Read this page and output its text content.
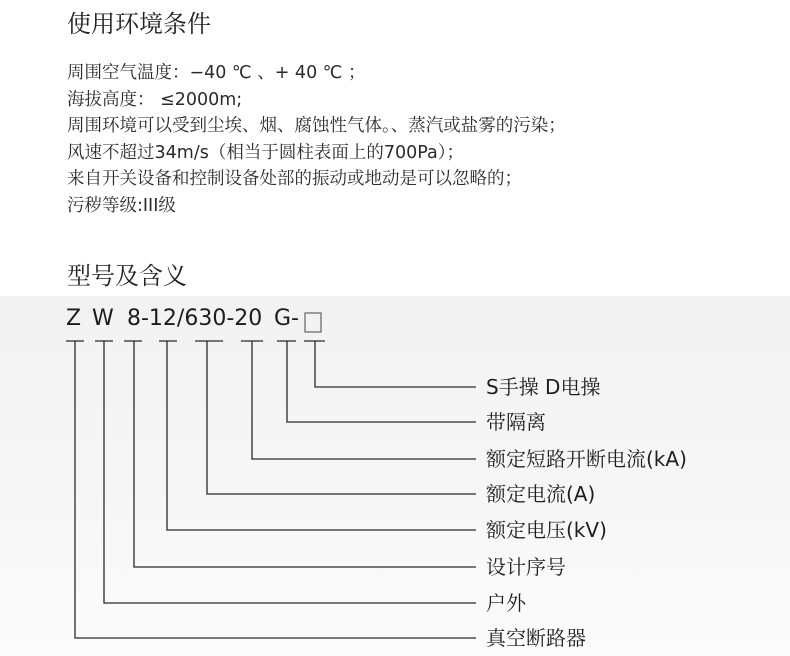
使用环境条件
周围空气温度：−40 ℃ 、+ 40 ℃ ；
海拔高度： ≤2000m;
周围环境可以受到尘埃、烟、腐蚀性气体。、蒸汽或盐雾的污染；
风速不超过34m/s（相当于圆柱表面上的700Pa）；
来自开关设备和控制设备处部的振动或地动是可以忽略的；
污秽等级:III级
型号及含义
Z W 8-12/630-20 G-
S手操 D电操
带隔离
额定短路开断电流(kA)
额定电流(A)
额定电压(kV)
设计序号
户外
真空断路器
